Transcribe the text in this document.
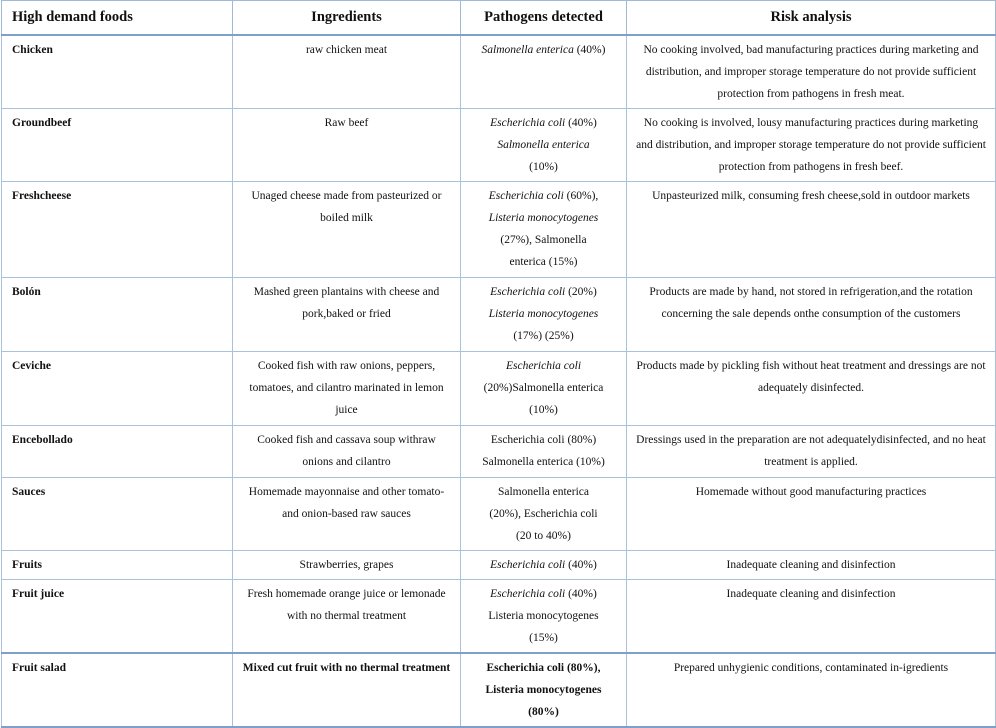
High demand foods	Ingredients	Pathogens detected	Risk analysis
Chicken	raw chicken meat	Salmonella enterica (40%)	No cooking involved, bad manufacturing practices during marketing and distribution, and improper storage temperature do not provide sufficient protection from pathogens in fresh meat.
Groundbeef	Raw beef	Escherichia coli (40%)
Salmonella enterica
(10%)	No cooking is involved, lousy manufacturing practices during marketing and distribution, and improper storage temperature do not provide sufficient protection from pathogens in fresh beef.
Freshcheese	Unaged cheese made from pasteurized or boiled milk	Escherichia coli (60%),
Listeria monocytogenes
(27%), Salmonella
enterica (15%)	Unpasteurized milk, consuming fresh cheese,sold in outdoor markets
Bolón	Mashed green plantains with cheese and pork,baked or fried	Escherichia coli (20%)
Listeria monocytogenes
(17%) (25%)	Products are made by hand, not stored in refrigeration,and the rotation concerning the sale depends onthe consumption of the customers
Ceviche	Cooked fish with raw onions, peppers, tomatoes, and cilantro marinated in lemon juice	Escherichia coli
(20%)Salmonella enterica
(10%)	Products made by pickling fish without heat treatment and dressings are not adequately disinfected.
Encebollado	Cooked fish and cassava soup withraw onions and cilantro	Escherichia coli (80%)
Salmonella enterica (10%)	Dressings used in the preparation are not adequatelydisinfected, and no heat treatment is applied.
Sauces	Homemade mayonnaise and other tomato- and onion-based raw sauces	Salmonella enterica
(20%), Escherichia coli
(20 to 40%)	Homemade without good manufacturing practices
Fruits	Strawberries, grapes	Escherichia coli (40%)	Inadequate cleaning and disinfection
Fruit juice	Fresh homemade orange juice or lemonade with no thermal treatment	Escherichia coli (40%)
Listeria monocytogenes
(15%)	Inadequate cleaning and disinfection
Fruit salad	Mixed cut fruit with no thermal treatment	Escherichia coli (80%),
Listeria monocytogenes
(80%)	Prepared unhygienic conditions, contaminated in-igredients
